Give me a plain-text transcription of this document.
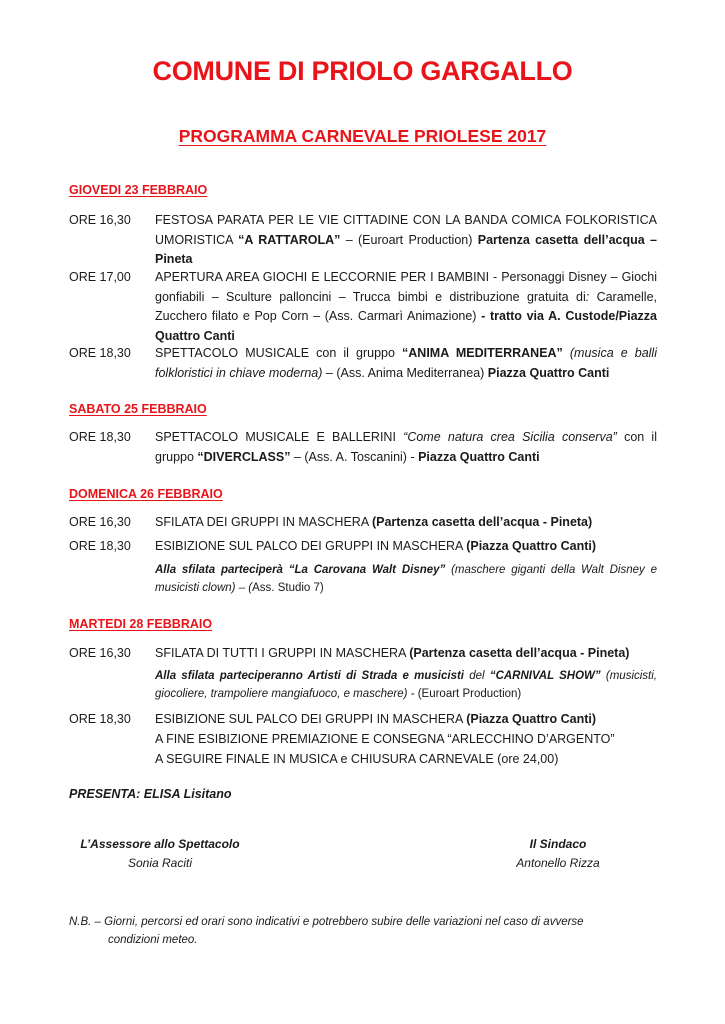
COMUNE DI PRIOLO GARGALLO
PROGRAMMA CARNEVALE PRIOLESE 2017
GIOVEDI 23 FEBBRAIO
ORE 16,30	FESTOSA PARATA PER LE VIE CITTADINE CON LA BANDA COMICA FOLKORISTICA UMORISTICA “A RATTAROLA” – (Euroart Production) Partenza casetta dell’acqua – Pineta
ORE 17,00	APERTURA AREA GIOCHI E LECCORNIE PER I BAMBINI - Personaggi Disney – Giochi gonfiabili – Sculture palloncini – Trucca bimbi e distribuzione gratuita di: Caramelle, Zucchero filato e Pop Corn – (Ass. Carmarì Animazione) - tratto via A. Custode/Piazza Quattro Canti
ORE 18,30	SPETTACOLO MUSICALE con il gruppo “ANIMA MEDITERRANEA” (musica e balli folkloristici in chiave moderna) – (Ass. Anima Mediterranea) Piazza Quattro Canti
SABATO 25 FEBBRAIO
ORE 18,30	SPETTACOLO MUSICALE E BALLERINI “Come natura crea Sicilia conserva” con il gruppo “DIVERCLASS” – (Ass. A. Toscanini) - Piazza Quattro Canti
DOMENICA 26 FEBBRAIO
ORE 16,30	SFILATA DEI GRUPPI IN MASCHERA (Partenza casetta dell’acqua - Pineta)
ORE 18,30	ESIBIZIONE SUL PALCO DEI GRUPPI IN MASCHERA (Piazza Quattro Canti)
Alla sfilata parteciperà “La Carovana Walt Disney” (maschere giganti della Walt Disney e musicisti clown) – (Ass. Studio 7)
MARTEDI 28 FEBBRAIO
ORE 16,30	SFILATA DI TUTTI I GRUPPI IN MASCHERA (Partenza casetta dell’acqua - Pineta)
Alla sfilata parteciperanno Artisti di Strada e musicisti del “CARNIVAL SHOW” (musicisti, giocoliere, trampoliere mangiafuoco, e maschere) - (Euroart Production)
ORE 18,30	ESIBIZIONE SUL PALCO DEI GRUPPI IN MASCHERA (Piazza Quattro Canti)
A FINE ESIBIZIONE PREMIAZIONE E CONSEGNA “ARLECCHINO D’ARGENTO”
A SEGUIRE FINALE IN MUSICA e CHIUSURA CARNEVALE (ore 24,00)
PRESENTA: ELISA Lisitano
L’Assessore allo Spettacolo
Sonia Raciti
Il Sindaco
Antonello Rizza
N.B. – Giorni, percorsi ed orari sono indicativi e potrebbero subire delle variazioni nel caso di avverse
condizioni meteo.
